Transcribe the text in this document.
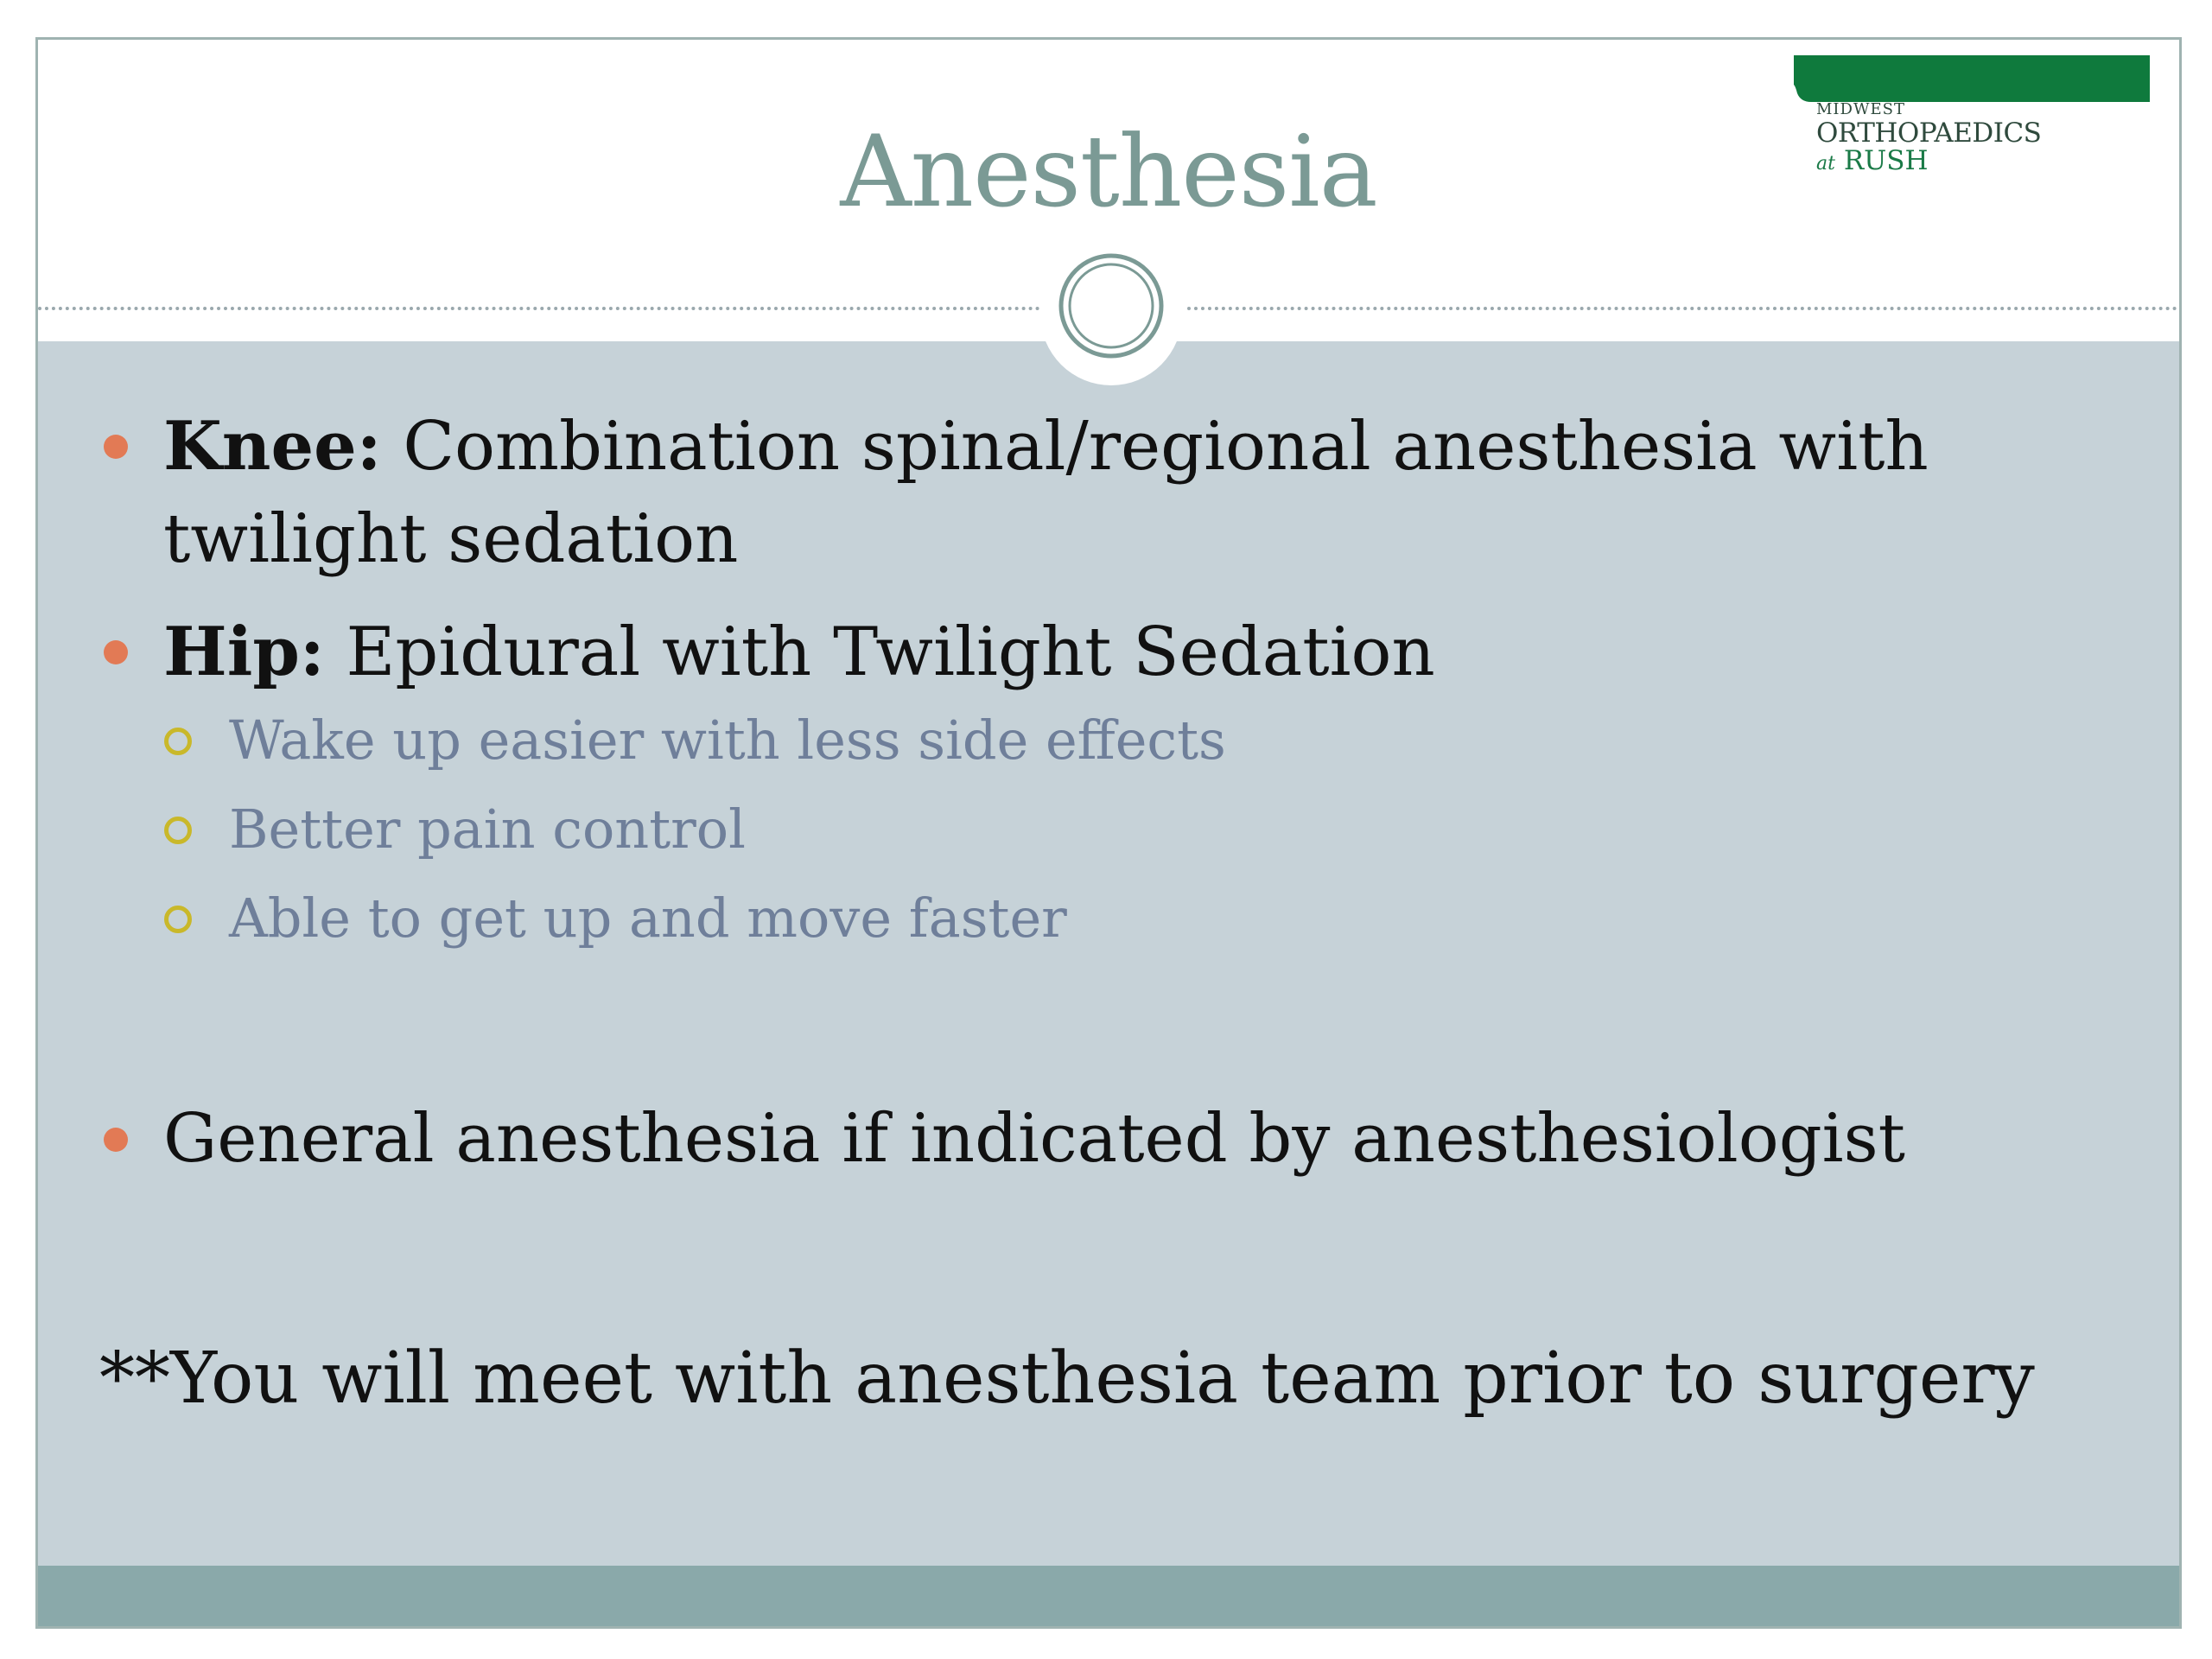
Anesthesia
MIDWEST
ORTHOPAEDICS
at RUSH
Knee: Combination spinal/regional anesthesia with twilight sedation
Hip: Epidural with Twilight Sedation
Wake up easier with less side effects
Better pain control
Able to get up and move faster
General anesthesia if indicated by anesthesiologist
**You will meet with anesthesia team prior to surgery
